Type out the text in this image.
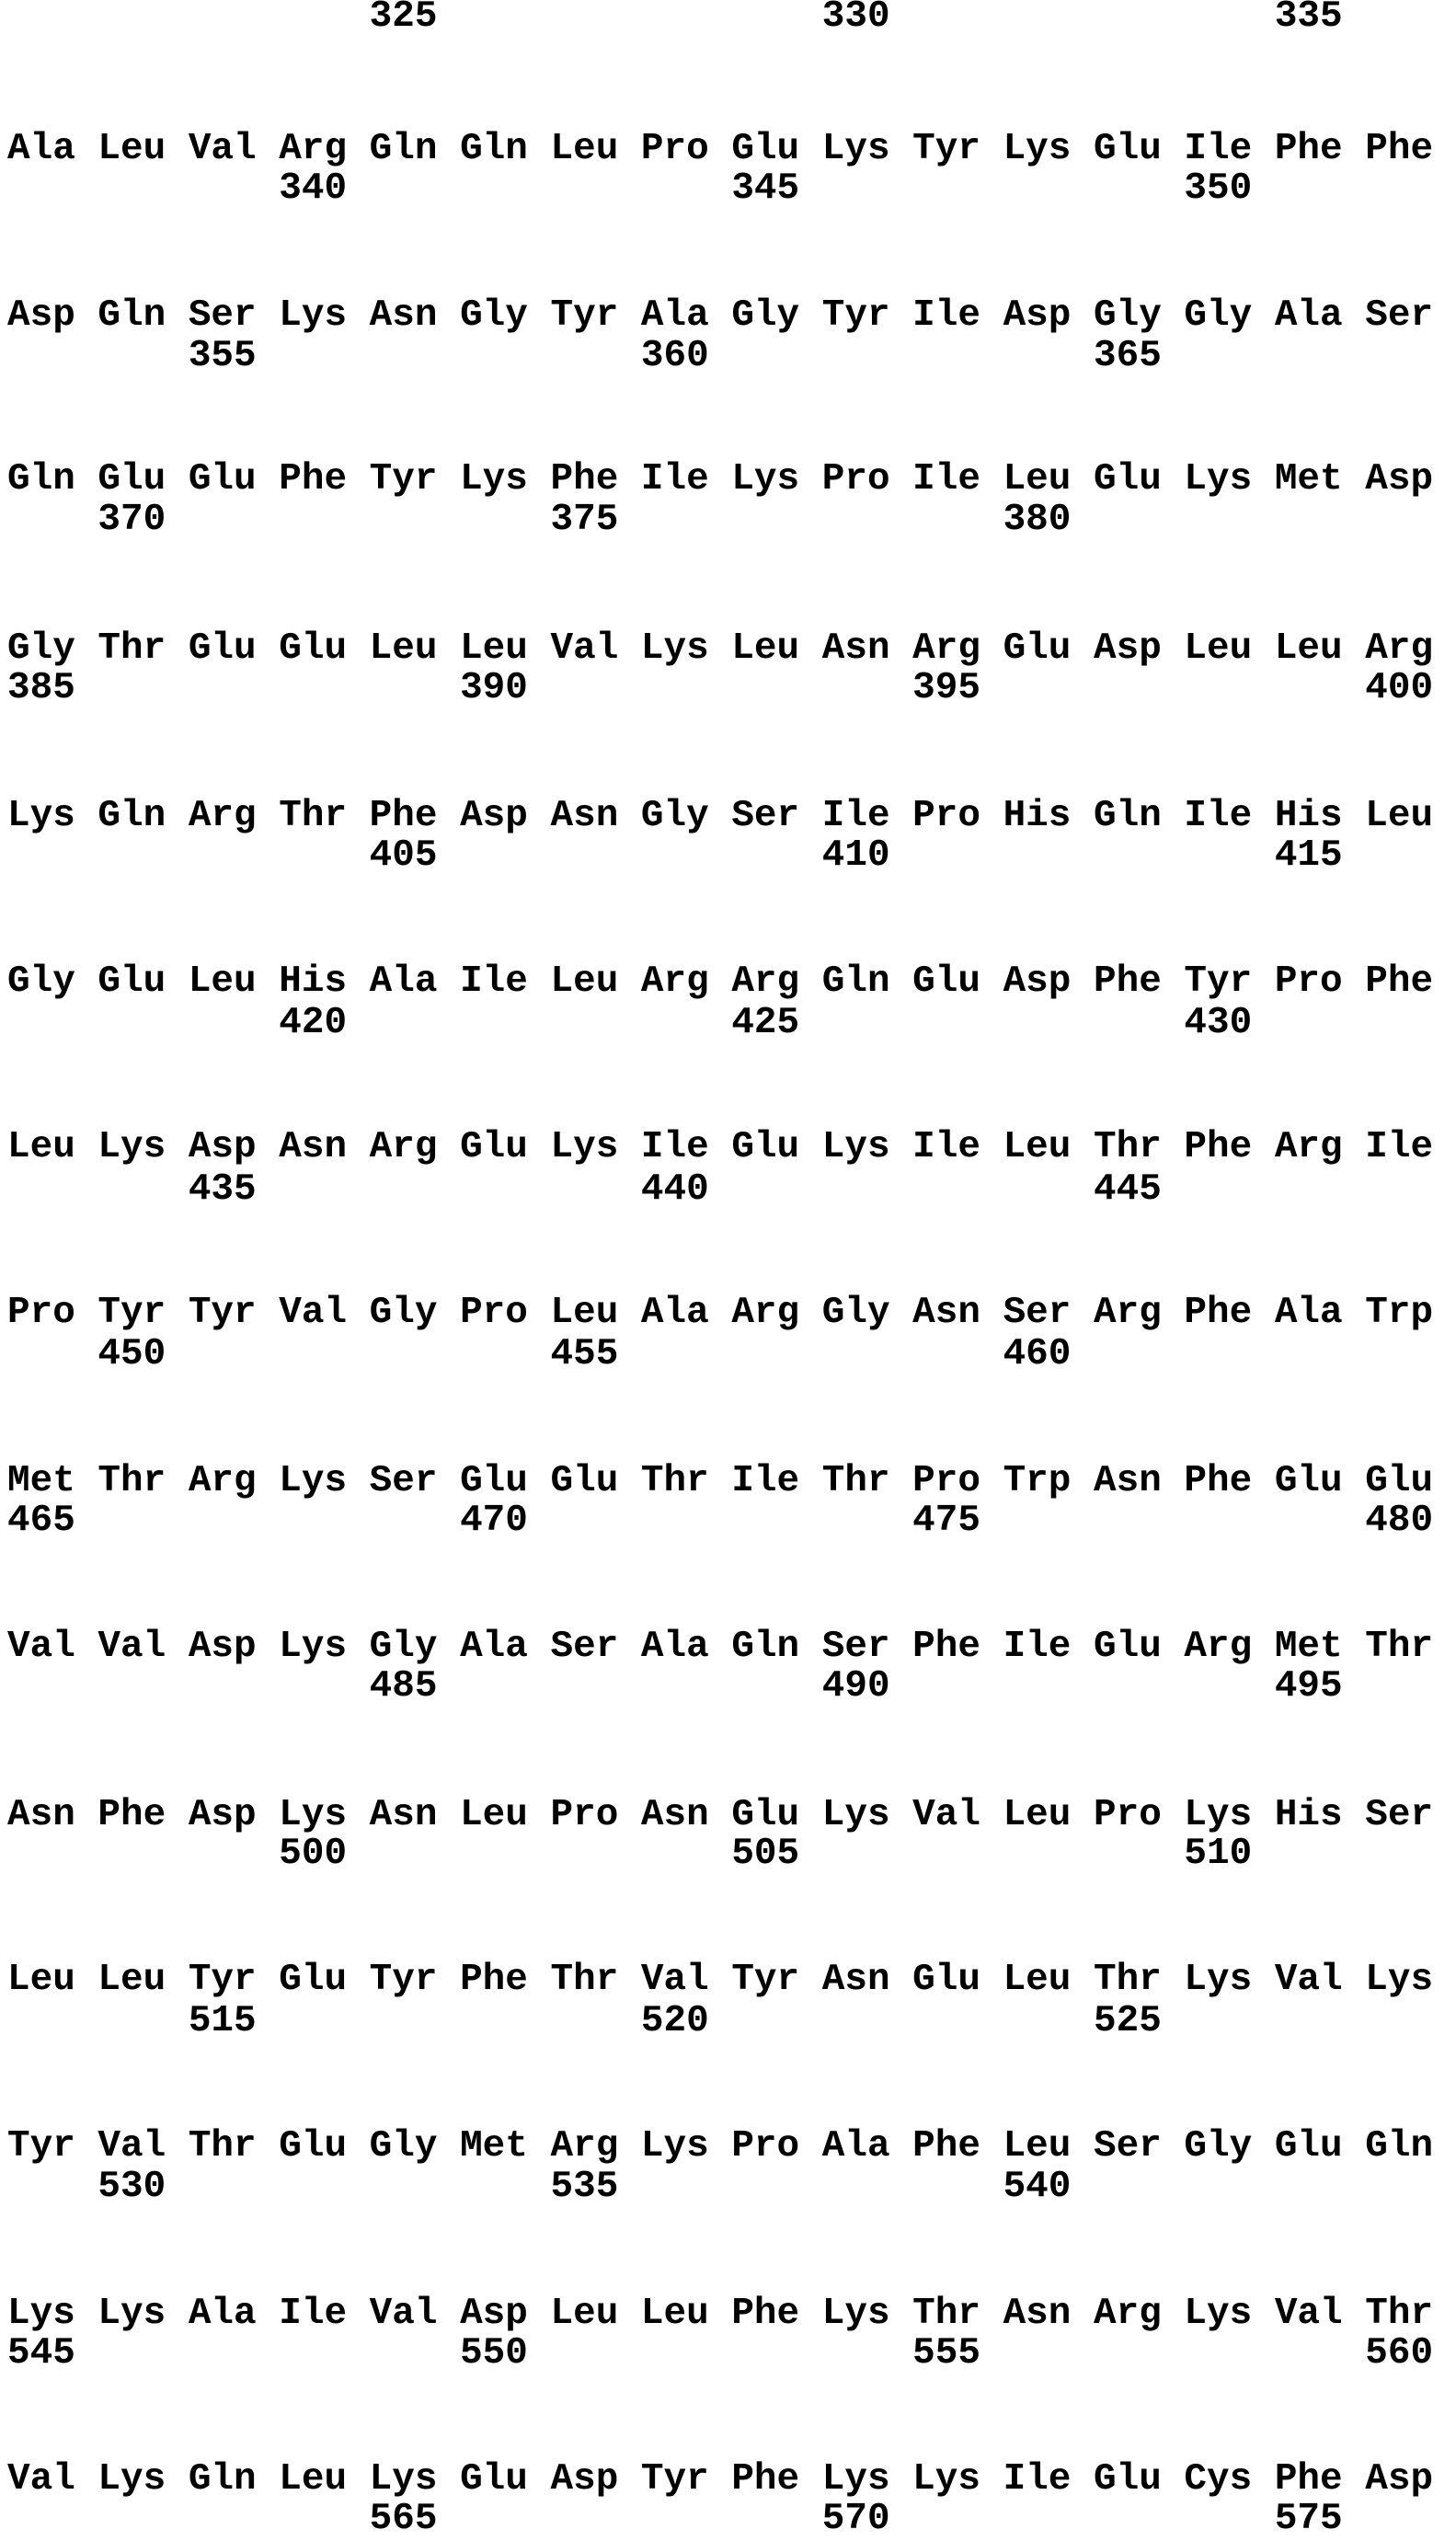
325                 330                 335
Ala Leu Val Arg Gln Gln Leu Pro Glu Lys Tyr Lys Glu Ile Phe Phe
340                 345                 350
Asp Gln Ser Lys Asn Gly Tyr Ala Gly Tyr Ile Asp Gly Gly Ala Ser
355                 360                 365
Gln Glu Glu Phe Tyr Lys Phe Ile Lys Pro Ile Leu Glu Lys Met Asp
370                 375                 380
Gly Thr Glu Glu Leu Leu Val Lys Leu Asn Arg Glu Asp Leu Leu Arg
385                 390                 395                 400
Lys Gln Arg Thr Phe Asp Asn Gly Ser Ile Pro His Gln Ile His Leu
405                 410                 415
Gly Glu Leu His Ala Ile Leu Arg Arg Gln Glu Asp Phe Tyr Pro Phe
420                 425                 430
Leu Lys Asp Asn Arg Glu Lys Ile Glu Lys Ile Leu Thr Phe Arg Ile
435                 440                 445
Pro Tyr Tyr Val Gly Pro Leu Ala Arg Gly Asn Ser Arg Phe Ala Trp
450                 455                 460
Met Thr Arg Lys Ser Glu Glu Thr Ile Thr Pro Trp Asn Phe Glu Glu
465                 470                 475                 480
Val Val Asp Lys Gly Ala Ser Ala Gln Ser Phe Ile Glu Arg Met Thr
485                 490                 495
Asn Phe Asp Lys Asn Leu Pro Asn Glu Lys Val Leu Pro Lys His Ser
500                 505                 510
Leu Leu Tyr Glu Tyr Phe Thr Val Tyr Asn Glu Leu Thr Lys Val Lys
515                 520                 525
Tyr Val Thr Glu Gly Met Arg Lys Pro Ala Phe Leu Ser Gly Glu Gln
530                 535                 540
Lys Lys Ala Ile Val Asp Leu Leu Phe Lys Thr Asn Arg Lys Val Thr
545                 550                 555                 560
Val Lys Gln Leu Lys Glu Asp Tyr Phe Lys Lys Ile Glu Cys Phe Asp
565                 570                 575
